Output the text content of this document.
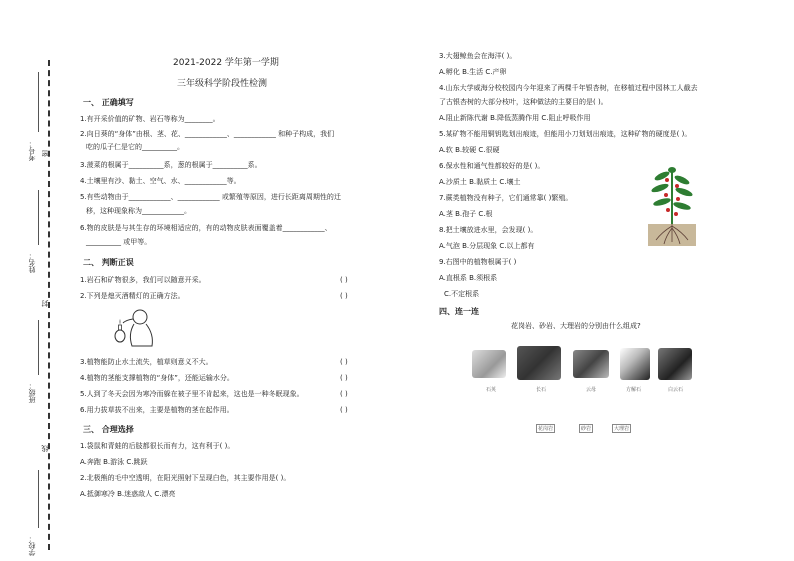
考号： 密
姓名：
封
班级：
线
学校：
2021-2022 学年第一学期
三年级科学阶段性检测
一、 正确填写
1.有开采价值的矿物、岩石等称为________。
2.向日葵的“身体”由根、茎、花、____________、____________ 和种子构成，我们
吃的瓜子仁是它的__________。
3.菠菜的根属于__________系，葱的根属于__________系。
4.土壤里有沙、黏土、空气、水、____________等。
5.有些动物由于____________、____________ 或繁殖等原因，进行长距离周期性的迁
移，这种现象称为____________。
6.物的皮肤是与其生存的环境相适应的，有的动物皮肤表面覆盖着____________、
__________ 或甲等。
二、 判断正误
1.岩石和矿物很多，我们可以随意开采。	( )
2.下列是熄灭酒精灯的正确方法。	( )
3.植物能防止水土流失，植草则意义不大。	( )
4.植物的茎能支撑植物的“身体”，还能运输水分。	( )
5.人到了冬天会因为寒冷而躲在被子里不肯起来，这也是一种冬眠现象。	( )
6.用力拔草拔不出来，主要是植物的茎在起作用。	( )
三、 合理选择
1.袋鼠和青蛙的后肢都很长而有力，这有利于( )。
A.奔跑 B.游泳 C.跳跃
2.北极熊的毛中空透明，在阳光照射下呈现白色，其主要作用是( )。
A.抵御寒冷 B.迷惑敌人 C.漂亮
3.大翅鲸鱼会在海洋( )。
A.孵化 B.生活 C.产卵
4.山东大学威海分校校园内今年迎来了两棵千年银杏树，在移植过程中园林工人截去
了古银杏树的大部分枝叶，这种做法的主要目的是( )。
A.阻止新陈代谢 B.降低蒸腾作用 C.阻止呼吸作用
5.某矿物不能用铜钥匙划出痕迹，但能用小刀划划出痕迹，这种矿物的硬度是( )。
A.软 B.较硬 C.很硬
6.保水性和通气性都较好的是( )。
A.沙质土 B.黏质土 C.壤土
7.蕨类植物没有种子，它们通常靠( )繁殖。
A.茎 B.孢子 C.根
8.把土壤放进水里，会发现( )。
A.气泡 B.分层现象 C.以上都有
9.右图中的植物根属于( )
A.直根系 B.须根系
C.不定根系
四、连一连
花岗岩、砂岩、大理岩的分别由什么组成?
石英	长石	云母	方解石	白云石
花岗岩	砂岩	大理岩
